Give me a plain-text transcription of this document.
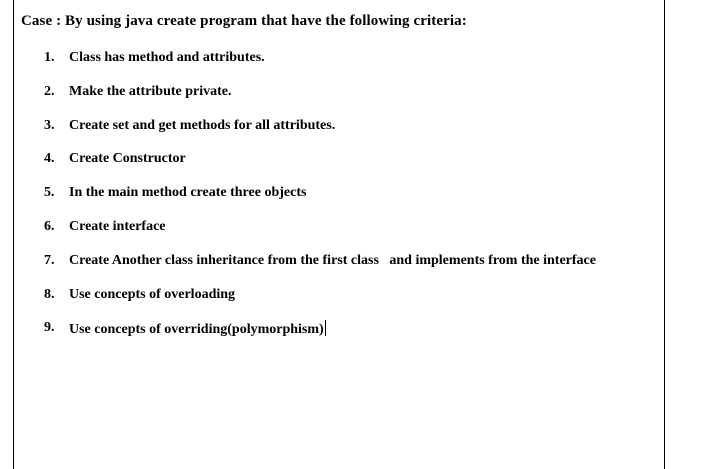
Case : By using java create program that have the following criteria:

1.

	Class has method and attributes.

2.

	Make the attribute private.

3.

	Create set and get methods for all attributes.

4.

	Create Constructor

5.

	In the main method create three objects

6.

	Create interface

7.

	Create Another class inheritance from the first class   and implements from the interface

8.

	Use concepts of overloading

9.

	Use concepts of overriding(polymorphism)
